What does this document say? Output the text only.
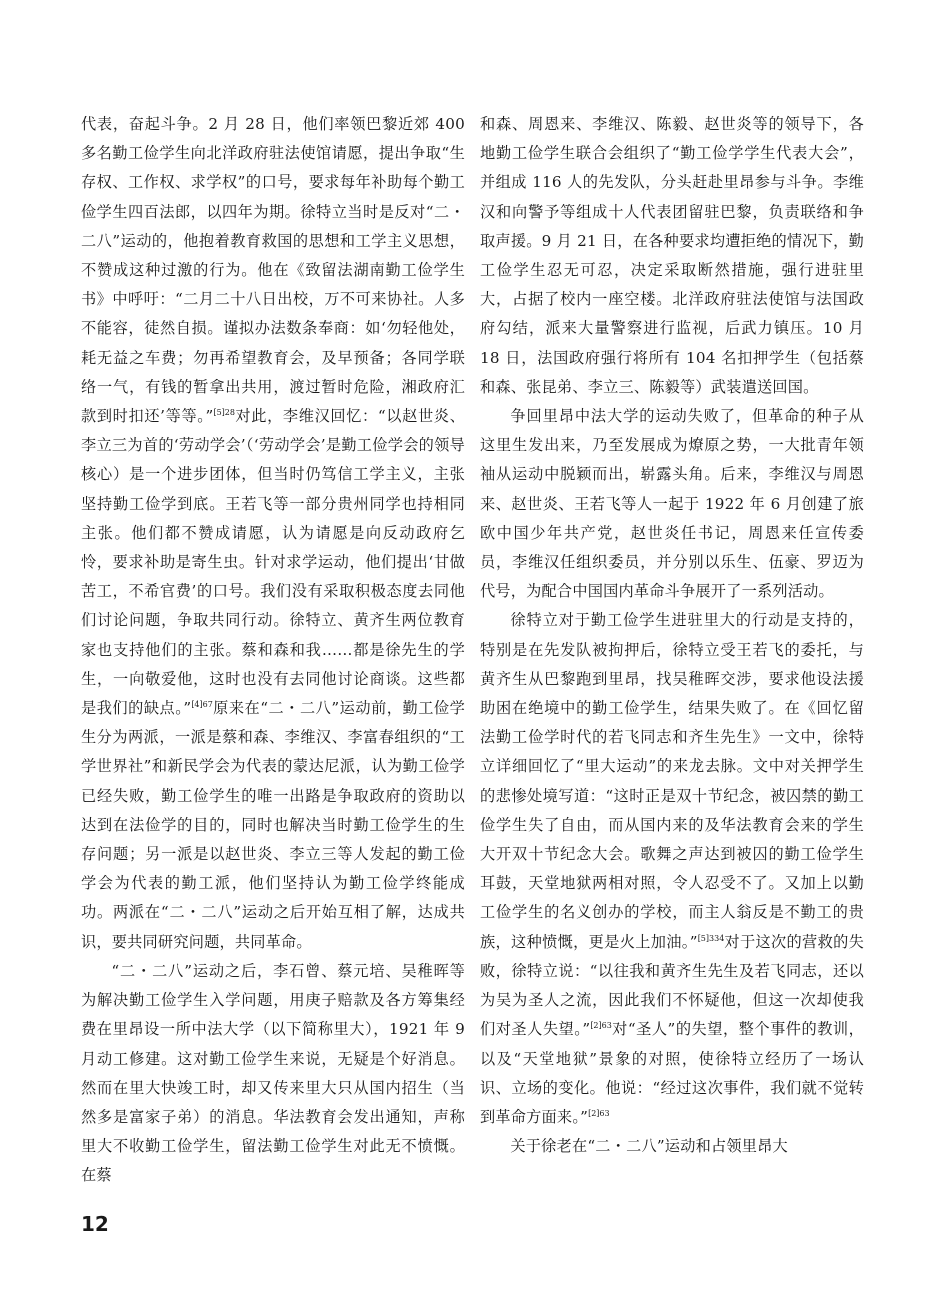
代表，奋起斗争。2 月 28 日，他们率领巴黎近郊 400 多名勤工俭学生向北洋政府驻法使馆请愿，提出争取“生存权、工作权、求学权”的口号，要求每年补助每个勤工俭学生四百法郎，以四年为期。徐特立当时是反对“二・二八”运动的，他抱着教育救国的思想和工学主义思想，不赞成这种过激的行为。他在《致留法湖南勤工俭学生书》中呼吁：“二月二十八日出校，万不可来协社。人多不能容，徒然自损。谨拟办法数条奉商：如‘勿轻他处，耗无益之车费；勿再希望教育会，及早预备；各同学联络一气，有钱的暂拿出共用，渡过暂时危险，湘政府汇款到时扣还’等等。”$^{[5]28}$对此，李维汉回忆：“以赵世炎、李立三为首的‘劳动学会’（‘劳动学会’是勤工俭学会的领导核心）是一个进步团体，但当时仍笃信工学主义，主张坚持勤工俭学到底。王若飞等一部分贵州同学也持相同主张。他们都不赞成请愿，认为请愿是向反动政府乞怜，要求补助是寄生虫。针对求学运动，他们提出‘甘做苦工，不希官费’的口号。我们没有采取积极态度去同他们讨论问题，争取共同行动。徐特立、黄齐生两位教育家也支持他们的主张。蔡和森和我……都是徐先生的学生，一向敬爱他，这时也没有去同他讨论商谈。这些都是我们的缺点。”$^{[4]67}$原来在“二・二八”运动前，勤工俭学生分为两派，一派是蔡和森、李维汉、李富春组织的“工学世界社”和新民学会为代表的蒙达尼派，认为勤工俭学已经失败，勤工俭学生的唯一出路是争取政府的资助以达到在法俭学的目的，同时也解决当时勤工俭学生的生存问题；另一派是以赵世炎、李立三等人发起的勤工俭学会为代表的勤工派，他们坚持认为勤工俭学终能成功。两派在“二・二八”运动之后开始互相了解，达成共识，要共同研究问题，共同革命。

“二・二八”运动之后，李石曾、蔡元培、吴稚晖等为解决勤工俭学生入学问题，用庚子赔款及各方筹集经费在里昂设一所中法大学（以下简称里大），1921 年 9 月动工修建。这对勤工俭学生来说，无疑是个好消息。然而在里大快竣工时，却又传来里大只从国内招生（当然多是富家子弟）的消息。华法教育会发出通知，声称里大不收勤工俭学生，留法勤工俭学生对此无不愤慨。在蔡

和森、周恩来、李维汉、陈毅、赵世炎等的领导下，各地勤工俭学生联合会组织了“勤工俭学学生代表大会”，并组成 116 人的先发队，分头赶赴里昂参与斗争。李维汉和向警予等组成十人代表团留驻巴黎，负责联络和争取声援。9 月 21 日，在各种要求均遭拒绝的情况下，勤工俭学生忍无可忍，决定采取断然措施，强行进驻里大，占据了校内一座空楼。北洋政府驻法使馆与法国政府勾结，派来大量警察进行监视，后武力镇压。10 月 18 日，法国政府强行将所有 104 名扣押学生（包括蔡和森、张昆弟、李立三、陈毅等）武装遣送回国。

争回里昂中法大学的运动失败了，但革命的种子从这里生发出来，乃至发展成为燎原之势，一大批青年领袖从运动中脱颖而出，崭露头角。后来，李维汉与周恩来、赵世炎、王若飞等人一起于 1922 年 6 月创建了旅欧中国少年共产党，赵世炎任书记，周恩来任宣传委员，李维汉任组织委员，并分别以乐生、伍豪、罗迈为代号，为配合中国国内革命斗争展开了一系列活动。

徐特立对于勤工俭学生进驻里大的行动是支持的，特别是在先发队被拘押后，徐特立受王若飞的委托，与黄齐生从巴黎跑到里昂，找吴稚晖交涉，要求他设法援助困在绝境中的勤工俭学生，结果失败了。在《回忆留法勤工俭学时代的若飞同志和齐生先生》一文中，徐特立详细回忆了“里大运动”的来龙去脉。文中对关押学生的悲惨处境写道：“这时正是双十节纪念，被囚禁的勤工俭学生失了自由，而从国内来的及华法教育会来的学生大开双十节纪念大会。歌舞之声达到被囚的勤工俭学生耳鼓，天堂地狱两相对照，令人忍受不了。又加上以勤工俭学生的名义创办的学校，而主人翁反是不勤工的贵族，这种愤慨，更是火上加油。”$^{[5]334}$对于这次的营救的失败，徐特立说：“以往我和黄齐生先生及若飞同志，还以为吴为圣人之流，因此我们不怀疑他，但这一次却使我们对圣人失望。”$^{[2]63}$对“圣人”的失望，整个事件的教训，以及“天堂地狱”景象的对照，使徐特立经历了一场认识、立场的变化。他说：“经过这次事件，我们就不觉转到革命方面来。”$^{[2]63}$

关于徐老在“二・二八”运动和占领里昂大

12
